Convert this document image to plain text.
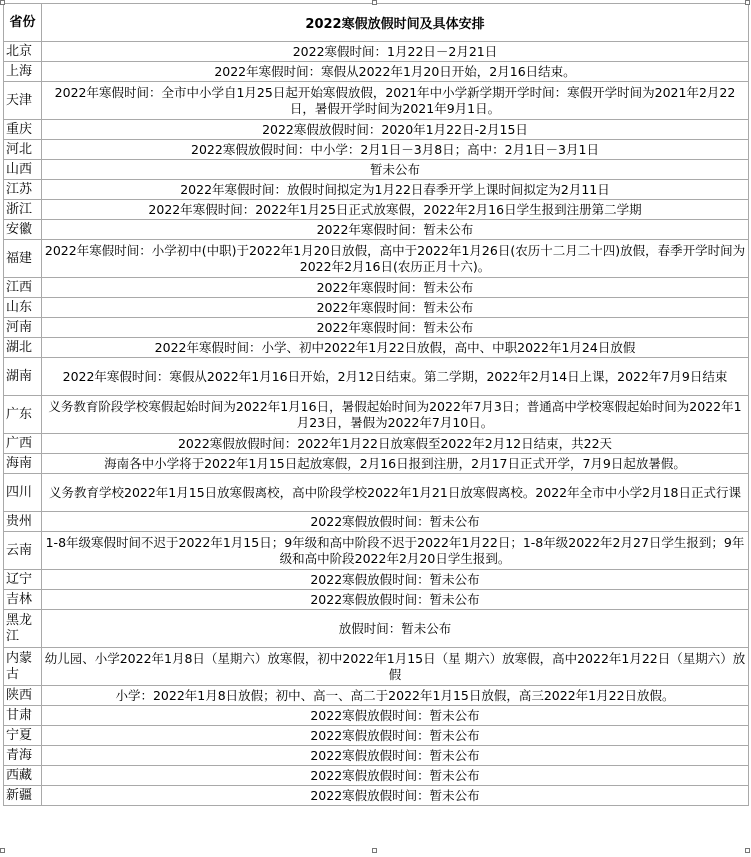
省份	2022寒假放假时间及具体安排
北京	2022寒假时间：1月22日－2月21日
上海	2022年寒假时间：寒假从2022年1月20日开始，2月16日结束。
天津	2022年寒假时间：全市中小学自1月25日起开始寒假放假，2021年中小学新学期开学时间：寒假开学时间为2021年2月22日，暑假开学时间为2021年9月1日。
重庆	2022寒假放假时间：2020年1月22日-2月15日
河北	2022寒假放假时间：中小学：2月1日－3月8日；高中：2月1日－3月1日
山西	暂未公布
江苏	2022年寒假时间：放假时间拟定为1月22日春季开学上课时间拟定为2月11日
浙江	2022年寒假时间：2022年1月25日正式放寒假，2022年2月16日学生报到注册第二学期
安徽	2022年寒假时间：暂未公布
福建	2022年寒假时间：小学初中(中职)于2022年1月20日放假，高中于2022年1月26日(农历十二月二十四)放假，春季开学时间为2022年2月16日(农历正月十六)。
江西	2022年寒假时间：暂未公布
山东	2022年寒假时间：暂未公布
河南	2022年寒假时间：暂未公布
湖北	2022年寒假时间：小学、初中2022年1月22日放假，高中、中职2022年1月24日放假
湖南	2022年寒假时间：寒假从2022年1月16日开始，2月12日结束。第二学期，2022年2月14日上课，2022年7月9日结束
广东	义务教育阶段学校寒假起始时间为2022年1月16日，暑假起始时间为2022年7月3日；普通高中学校寒假起始时间为2022年1月23日，暑假为2022年7月10日。
广西	2022寒假放假时间：2022年1月22日放寒假至2022年2月12日结束，共22天
海南	海南各中小学将于2022年1月15日起放寒假，2月16日报到注册，2月17日正式开学，7月9日起放暑假。
四川	义务教育学校2022年1月15日放寒假离校，高中阶段学校2022年1月21日放寒假离校。2022年全市中小学2月18日正式行课
贵州	2022寒假放假时间：暂未公布
云南	1-8年级寒假时间不迟于2022年1月15日；9年级和高中阶段不迟于2022年1月22日；1-8年级2022年2月27日学生报到；9年级和高中阶段2022年2月20日学生报到。
辽宁	2022寒假放假时间：暂未公布
吉林	2022寒假放假时间：暂未公布
黑龙江	放假时间：暂未公布
内蒙古	幼儿园、小学2022年1月8日（星期六）放寒假，初中2022年1月15日（星 期六）放寒假，高中2022年1月22日（星期六）放假
陕西	小学：2022年1月8日放假；初中、高一、高二于2022年1月15日放假，高三2022年1月22日放假。
甘肃	2022寒假放假时间：暂未公布
宁夏	2022寒假放假时间：暂未公布
青海	2022寒假放假时间：暂未公布
西藏	2022寒假放假时间：暂未公布
新疆	2022寒假放假时间：暂未公布
